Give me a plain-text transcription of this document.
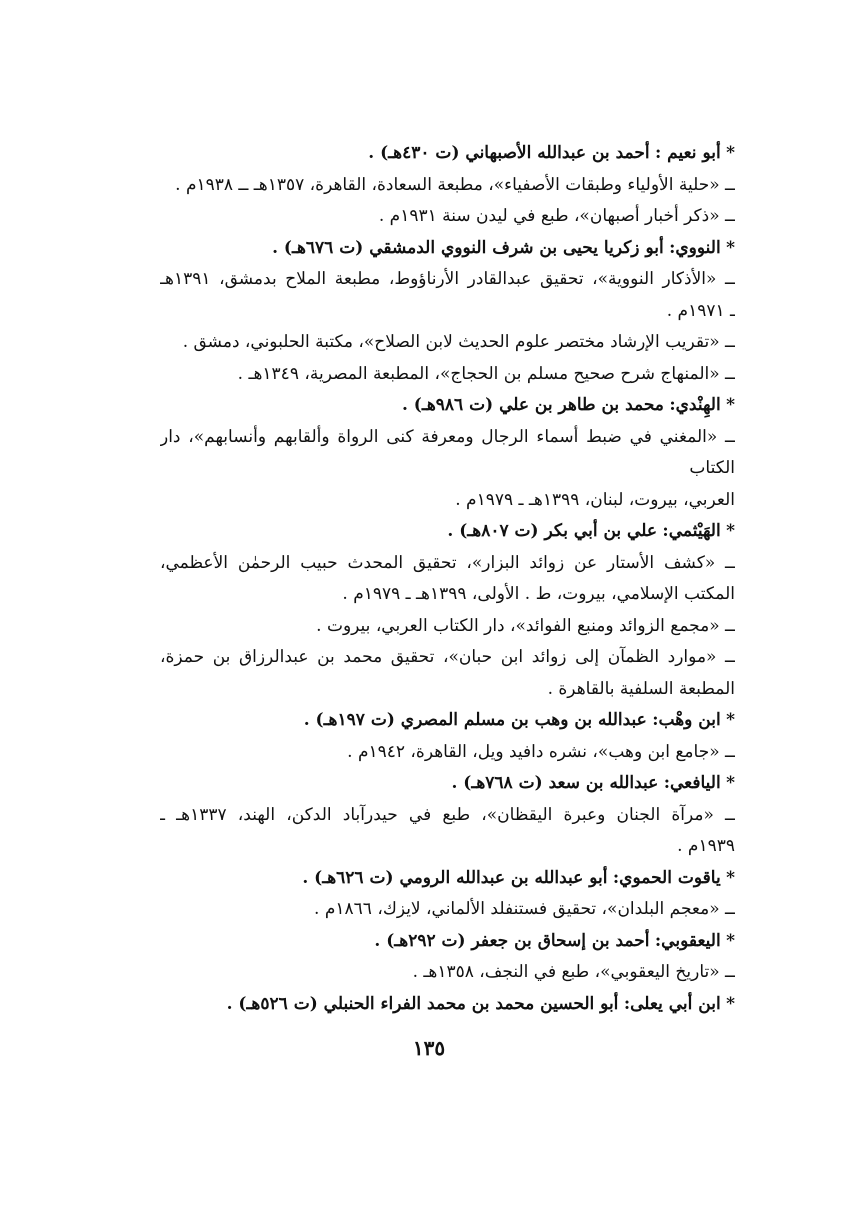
* أبو نعيم : أحمد بن عبدالله الأصبهاني (ت ٤٣٠هـ) .
ــ «حلية الأولياء وطبقات الأصفياء»، مطبعة السعادة، القاهرة، ١٣٥٧هـ ــ ١٩٣٨م .
ــ «ذكر أخبار أصبهان»، طبع في ليدن سنة ١٩٣١م .
* النووي: أبو زكريا يحيى بن شرف النووي الدمشقي (ت ٦٧٦هـ) .
ــ «الأذكار النووية»، تحقيق عبدالقادر الأرناؤوط، مطبعة الملاح بدمشق، ١٣٩١هـ
ـ ١٩٧١م .
ــ «تقريب الإرشاد مختصر علوم الحديث لابن الصلاح»، مكتبة الحلبوني، دمشق .
ــ «المنهاج شرح صحيح مسلم بن الحجاج»، المطبعة المصرية، ١٣٤٩هـ .
* الهِنْدي: محمد بن طاهر بن علي (ت ٩٨٦هـ) .
ــ «المغني في ضبط أسماء الرجال ومعرفة كنى الرواة وألقابهم وأنسابهم»، دار الكتاب
العربي، بيروت، لبنان، ١٣٩٩هـ ـ ١٩٧٩م .
* الهَيْثمي: علي بن أبي بكر (ت ٨٠٧هـ) .
ــ «كشف الأستار عن زوائد البزار»، تحقيق المحدث حبيب الرحمٰن الأعظمي،
المكتب الإسلامي، بيروت، ط . الأولى، ١٣٩٩هـ ـ ١٩٧٩م .
ــ «مجمع الزوائد ومنبع الفوائد»، دار الكتاب العربي، بيروت .
ــ «موارد الظمآن إلى زوائد ابن حبان»، تحقيق محمد بن عبدالرزاق بن حمزة،
المطبعة السلفية بالقاهرة .
* ابن وهْب: عبدالله بن وهب بن مسلم المصري (ت ١٩٧هـ) .
ــ «جامع ابن وهب»، نشره دافيد ويل، القاهرة، ١٩٤٢م .
* اليافعي: عبدالله بن سعد (ت ٧٦٨هـ) .
ــ «مرآة الجنان وعبرة اليقظان»، طبع في حيدرآباد الدكن، الهند، ١٣٣٧هـ ـ
١٩٣٩م .
* ياقوت الحموي: أبو عبدالله بن عبدالله الرومي (ت ٦٢٦هـ) .
ــ «معجم البلدان»، تحقيق فستنفلد الألماني، لايزك، ١٨٦٦م .
* اليعقوبي: أحمد بن إسحاق بن جعفر (ت ٢٩٢هـ) .
ــ «تاريخ اليعقوبي»، طبع في النجف، ١٣٥٨هـ .
* ابن أبي يعلى: أبو الحسين محمد بن محمد الفراء الحنبلي (ت ٥٢٦هـ) .
١٣٥
